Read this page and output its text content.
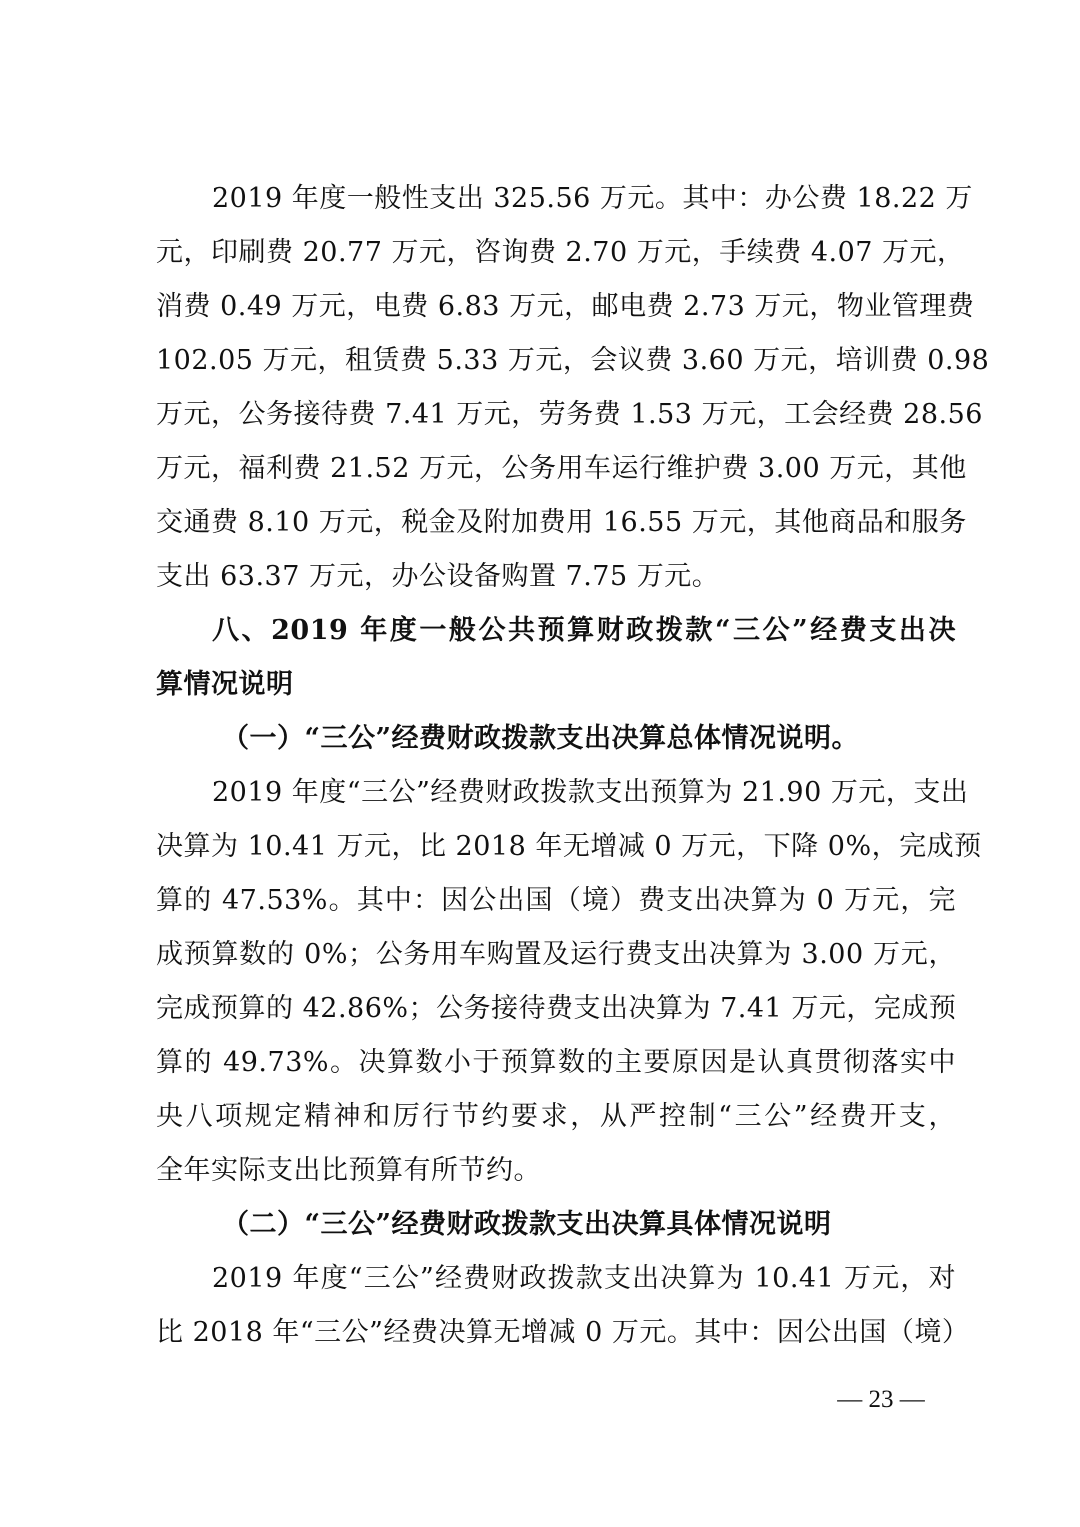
2019 年度一般性支出 325.56 万元。其中：办公费 18.22 万
元，印刷费 20.77 万元，咨询费 2.70 万元，手续费 4.07 万元，
消费 0.49 万元，电费 6.83 万元，邮电费 2.73 万元，物业管理费
102.05 万元，租赁费 5.33 万元，会议费 3.60 万元，培训费 0.98
万元，公务接待费 7.41 万元，劳务费 1.53 万元，工会经费 28.56
万元，福利费 21.52 万元，公务用车运行维护费 3.00 万元，其他
交通费 8.10 万元，税金及附加费用 16.55 万元，其他商品和服务
支出 63.37 万元，办公设备购置 7.75 万元。
八、2019 年度一般公共预算财政拨款“三公”经费支出决
算情况说明
（一）“三公”经费财政拨款支出决算总体情况说明。
2019 年度“三公”经费财政拨款支出预算为 21.90 万元，支出
决算为 10.41 万元，比 2018 年无增减 0 万元，下降 0%，完成预
算的 47.53%。其中：因公出国（境）费支出决算为 0 万元，完
成预算数的 0%；公务用车购置及运行费支出决算为 3.00 万元，
完成预算的 42.86%；公务接待费支出决算为 7.41 万元，完成预
算的 49.73%。决算数小于预算数的主要原因是认真贯彻落实中
央八项规定精神和厉行节约要求，从严控制“三公”经费开支，
全年实际支出比预算有所节约。
（二）“三公”经费财政拨款支出决算具体情况说明
2019 年度“三公”经费财政拨款支出决算为 10.41 万元，对
比 2018 年“三公”经费决算无增减 0 万元。其中：因公出国（境）
— 23 —
